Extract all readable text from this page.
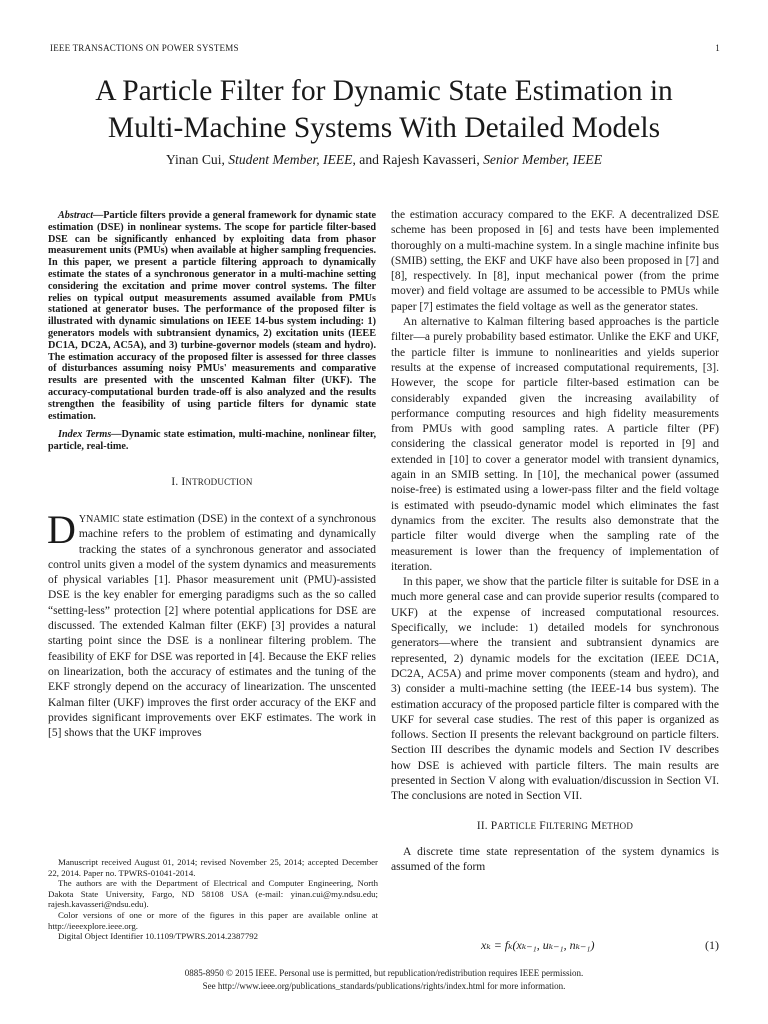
IEEE TRANSACTIONS ON POWER SYSTEMS	1
A Particle Filter for Dynamic State Estimation in
Multi-Machine Systems With Detailed Models
Yinan Cui, Student Member, IEEE, and Rajesh Kavasseri, Senior Member, IEEE

Abstract—Particle filters provide a general framework for dynamic state estimation (DSE) in nonlinear systems. The scope for particle filter-based DSE can be significantly enhanced by exploiting data from phasor measurement units (PMUs) when available at higher sampling frequencies. In this paper, we present a particle filtering approach to dynamically estimate the states of a synchronous generator in a multi-machine setting considering the excitation and prime mover control systems. The filter relies on typical output measurements assumed available from PMUs stationed at generator buses. The performance of the proposed filter is illustrated with dynamic simulations on IEEE 14-bus system including: 1) generators models with subtransient dynamics, 2) excitation units (IEEE DC1A, DC2A, AC5A), and 3) turbine-governor models (steam and hydro). The estimation accuracy of the proposed filter is assessed for three classes of disturbances assuming noisy PMUs' measurements and comparative results are presented with the unscented Kalman filter (UKF). The accuracy-computational burden trade-off is also analyzed and the results strengthen the feasibility of using particle filters for dynamic state estimation.

Index Terms—Dynamic state estimation, multi-machine, nonlinear filter, particle, real-time.

I. INTRODUCTION

DYNAMIC state estimation (DSE) in the context of a synchronous machine refers to the problem of estimating and dynamically tracking the states of a synchronous generator and associated control units given a model of the system dynamics and measurements of physical variables [1]. Phasor measurement unit (PMU)-assisted DSE is the key enabler for emerging paradigms such as the so called “setting-less” protection [2] where potential applications for DSE are discussed. The extended Kalman filter (EKF) [3] provides a natural starting point since the DSE is a nonlinear filtering problem. The feasibility of EKF for DSE was reported in [4]. Because the EKF relies on linearization, both the accuracy of estimates and the tuning of the EKF strongly depend on the accuracy of linearization. The unscented Kalman filter (UKF) improves the first order accuracy of the EKF and provides significant improvements over EKF estimates. The work in [5] shows that the UKF improves

Manuscript received August 01, 2014; revised November 25, 2014; accepted December 22, 2014. Paper no. TPWRS-01041-2014.

The authors are with the Department of Electrical and Computer Engineering, North Dakota State University, Fargo, ND 58108 USA (e-mail: yinan.cui@my.ndsu.edu; rajesh.kavasseri@ndsu.edu).

Color versions of one or more of the figures in this paper are available online at http://ieeexplore.ieee.org.

Digital Object Identifier 10.1109/TPWRS.2014.2387792

the estimation accuracy compared to the EKF. A decentralized DSE scheme has been proposed in [6] and tests have been implemented thoroughly on a multi-machine system. In a single machine infinite bus (SMIB) setting, the EKF and UKF have also been proposed in [7] and [8], respectively. In [8], input mechanical power (from the prime mover) and field voltage are assumed to be accessible to PMUs while paper [7] estimates the field voltage as well as the generator states.

An alternative to Kalman filtering based approaches is the particle filter—a purely probability based estimator. Unlike the EKF and UKF, the particle filter is immune to nonlinearities and yields superior results at the expense of increased computational requirements, [3]. However, the scope for particle filter-based estimation can be considerably expanded given the increasing availability of performance computing resources and high fidelity measurements from PMUs with good sampling rates. A particle filter (PF) considering the classical generator model is reported in [9] and extended in [10] to cover a generator model with transient dynamics, again in an SMIB setting. In [10], the mechanical power (assumed noise-free) is estimated using a lower-pass filter and the field voltage is estimated with pseudo-dynamic model which eliminates the fast dynamics from the exciter. The results also demonstrate that the particle filter would diverge when the sampling rate of the measurement is lower than the frequency of implementation of iteration.

In this paper, we show that the particle filter is suitable for DSE in a much more general case and can provide superior results (compared to UKF) at the expense of increased computational resources. Specifically, we include: 1) detailed models for synchronous generators—where the transient and subtransient dynamics are represented, 2) dynamic models for the excitation (IEEE DC1A, DC2A, AC5A) and prime mover components (steam and hydro), and 3) consider a multi-machine setting (the IEEE-14 bus system). The estimation accuracy of the proposed particle filter is compared with the UKF for several case studies. The rest of this paper is organized as follows. Section II presents the relevant background on particle filters. Section III describes the dynamic models and Section IV describes how DSE is achieved with particle filters. The main results are presented in Section V along with evaluation/discussion in Section VI. The conclusions are noted in Section VII.

II. PARTICLE FILTERING METHOD

A discrete time state representation of the system dynamics is assumed of the form

xₖ = fₖ(xₖ₋₁, uₖ₋₁, nₖ₋₁)	(1)
0885-8950 © 2015 IEEE. Personal use is permitted, but republication/redistribution requires IEEE permission.
See http://www.ieee.org/publications_standards/publications/rights/index.html for more information.
